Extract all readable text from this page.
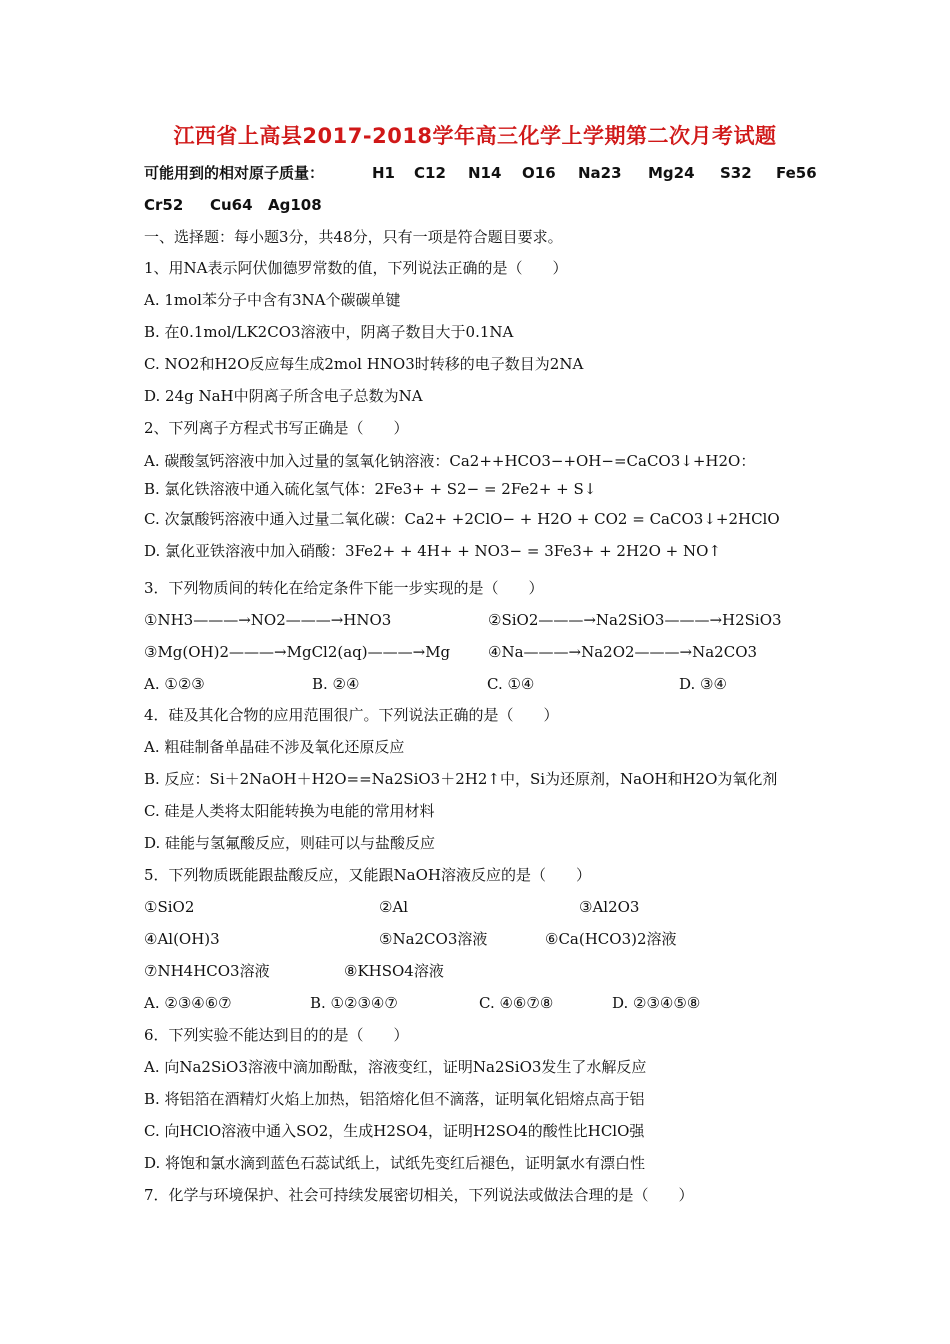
江西省上高县2017-2018学年高三化学上学期第二次月考试题
可能用到的相对原子质量：	H1 C12 N14 O16 Na23 Mg24 S32 Fe56
Cr52 Cu64 Ag108
一、选择题：每小题3分，共48分，只有一项是符合题目要求。
1、用NA表示阿伏伽德罗常数的值，下列说法正确的是（　　）
A. 1mol苯分子中含有3NA个碳碳单键
B. 在0.1mol/LK2CO3溶液中，阴离子数目大于0.1NA
C. NO2和H2O反应每生成2mol HNO3时转移的电子数目为2NA
D. 24g NaH中阴离子所含电子总数为NA
2、下列离子方程式书写正确是（　　）
A. 碳酸氢钙溶液中加入过量的氢氧化钠溶液：Ca2++HCO3−+OH−=CaCO3↓+H2O：
B. 氯化铁溶液中通入硫化氢气体：2Fe3+ + S2− = 2Fe2+ + S↓
C. 次氯酸钙溶液中通入过量二氧化碳：Ca2+ +2ClO− + H2O + CO2 = CaCO3↓+2HClO
D. 氯化亚铁溶液中加入硝酸：3Fe2+ + 4H+ + NO3− = 3Fe3+ + 2H2O + NO↑
3．下列物质间的转化在给定条件下能一步实现的是（　　）
①NH3———→NO2———→HNO3	②SiO2———→Na2SiO3———→H2SiO3
③Mg(OH)2———→MgCl2(aq)———→Mg	④Na———→Na2O2———→Na2CO3
A. ①②③	B. ②④	C. ①④	D. ③④
4．硅及其化合物的应用范围很广。下列说法正确的是（　　）
A. 粗硅制备单晶硅不涉及氧化还原反应
B. 反应：Si＋2NaOH＋H2O==Na2SiO3＋2H2↑中，Si为还原剂，NaOH和H2O为氧化剂
C. 硅是人类将太阳能转换为电能的常用材料
D. 硅能与氢氟酸反应，则硅可以与盐酸反应
5．下列物质既能跟盐酸反应，又能跟NaOH溶液反应的是（　　）
①SiO2	②Al	③Al2O3
④Al(OH)3	⑤Na2CO3溶液	⑥Ca(HCO3)2溶液
⑦NH4HCO3溶液	⑧KHSO4溶液
A. ②③④⑥⑦	B. ①②③④⑦	C. ④⑥⑦⑧	D. ②③④⑤⑧
6．下列实验不能达到目的的是（　　）
A. 向Na2SiO3溶液中滴加酚酞，溶液变红，证明Na2SiO3发生了水解反应
B. 将铝箔在酒精灯火焰上加热，铝箔熔化但不滴落，证明氧化铝熔点高于铝
C. 向HClO溶液中通入SO2，生成H2SO4，证明H2SO4的酸性比HClO强
D. 将饱和氯水滴到蓝色石蕊试纸上，试纸先变红后褪色，证明氯水有漂白性
7．化学与环境保护、社会可持续发展密切相关，下列说法或做法合理的是（　　）
